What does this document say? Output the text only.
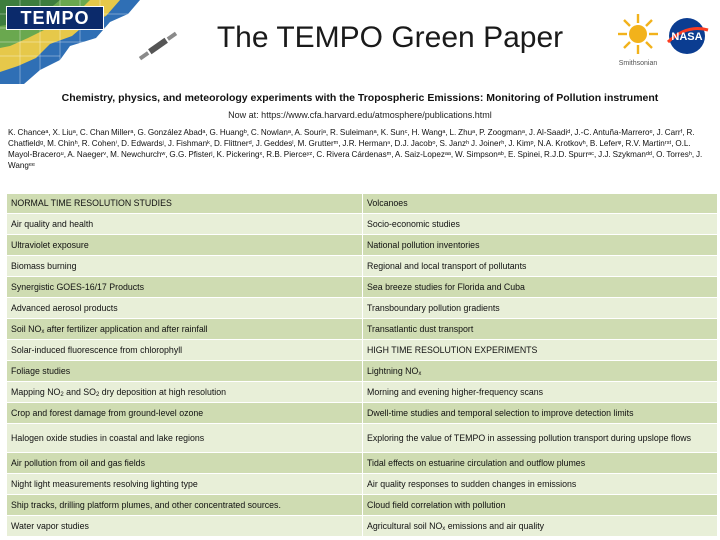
TEMPO
The TEMPO Green Paper
Smithsonian
NASA
Chemistry, physics, and meteorology experiments with the Tropospheric Emissions: Monitoring of Pollution instrument
Now at: https://www.cfa.harvard.edu/atmosphere/publications.html
K. Chanceᵃ, X. Liuᵃ, C. Chan Millerᵃ, G. González Abadᵃ, G. Huangᵇ, C. Nowlanᵃ, A. Souriᵃ, R. Suleimanᵃ, K. Sunᶜ, H. Wangᵃ, L. Zhuᵃ, P. Zoogmanᵃ, J. Al-Saadiᵈ, J.-C. Antuña-Marreroᵉ, J. Carrᶠ, R. Chatfieldᵍ, M. Chinʰ, R. Cohenⁱ, D. Edwardsʲ, J. Fishmanᵏ, D. Flittnerᵈ, J. Geddesˡ, M. Grutterᵐ, J.R. Hermanⁿ, D.J. Jacobᵒ, S. Janzʰ J. Joinerʰ, J. Kimᵖ, N.A. Krotkovʰ, B. Leferᵠ, R.V. Martinʳˢᵗ, O.L. Mayol-Braceroᵘ, A. Naegerᵛ, M. Newchurchʷ, G.G. Pfisterʲ, K. Pickeringˣ, R.B. Pierceʸᶻ, C. Rivera Cárdenasᵐ, A. Saiz-Lopezᵃᵃ, W. Simpsonᵃᵇ, E. Spinei, R.J.D. Spurrᵃᶜ, J.J. Szykmanᵈᵈ, O. Torresʰ, J. Wangᵉᵉ
NORMAL TIME RESOLUTION STUDIES	Volcanoes
Air quality and health	Socio-economic studies
Ultraviolet exposure	National pollution inventories
Biomass burning	Regional and local transport of pollutants
Synergistic GOES-16/17 Products	Sea breeze studies for Florida and Cuba
Advanced aerosol products	Transboundary pollution gradients
Soil $NO_x$ after fertilizer application and after rainfall	Transatlantic dust transport
Solar-induced fluorescence from chlorophyll	HIGH TIME RESOLUTION EXPERIMENTS
Foliage studies	Lightning $NO_x$
Mapping $NO_2$ and $SO_2$ dry deposition at high resolution	Morning and evening higher-frequency scans
Crop and forest damage from ground-level ozone	Dwell-time studies and temporal selection to improve detection limits
Halogen oxide studies in coastal and lake regions	Exploring the value of TEMPO in assessing pollution transport during upslope flows
Air pollution from oil and gas fields	Tidal effects on estuarine circulation and outflow plumes
Night light measurements resolving lighting type	Air quality responses to sudden changes in emissions
Ship tracks, drilling platform plumes, and other concentrated sources.	Cloud field correlation with pollution
Water vapor studies	Agricultural soil $NO_x$ emissions and air quality
